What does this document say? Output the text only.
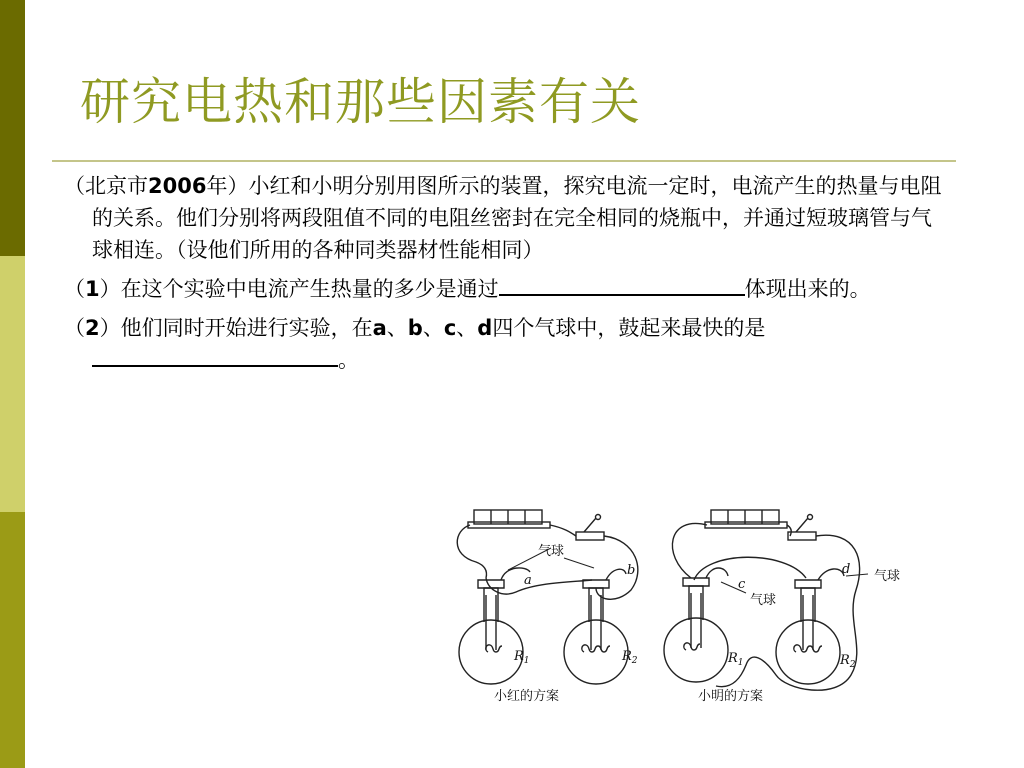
研究电热和那些因素有关

（北京市2006年）小红和小明分别用图所示的装置，探究电流一定时，电流产生的热量与电阻的关系。他们分别将两段阻值不同的电阻丝密封在完全相同的烧瓶中，并通过短玻璃管与气球相连。（设他们所用的各种同类器材性能相同）

（1）在这个实验中电流产生热量的多少是通过	体现出来的。

（2）他们同时开始进行实验，在a、b、c、d四个气球中，鼓起来最快的是。

气球
a
b
$R_1$	$R_2$
小红的方案
c
气球
d 气球
$R_1$	$R_2$
小明的方案
